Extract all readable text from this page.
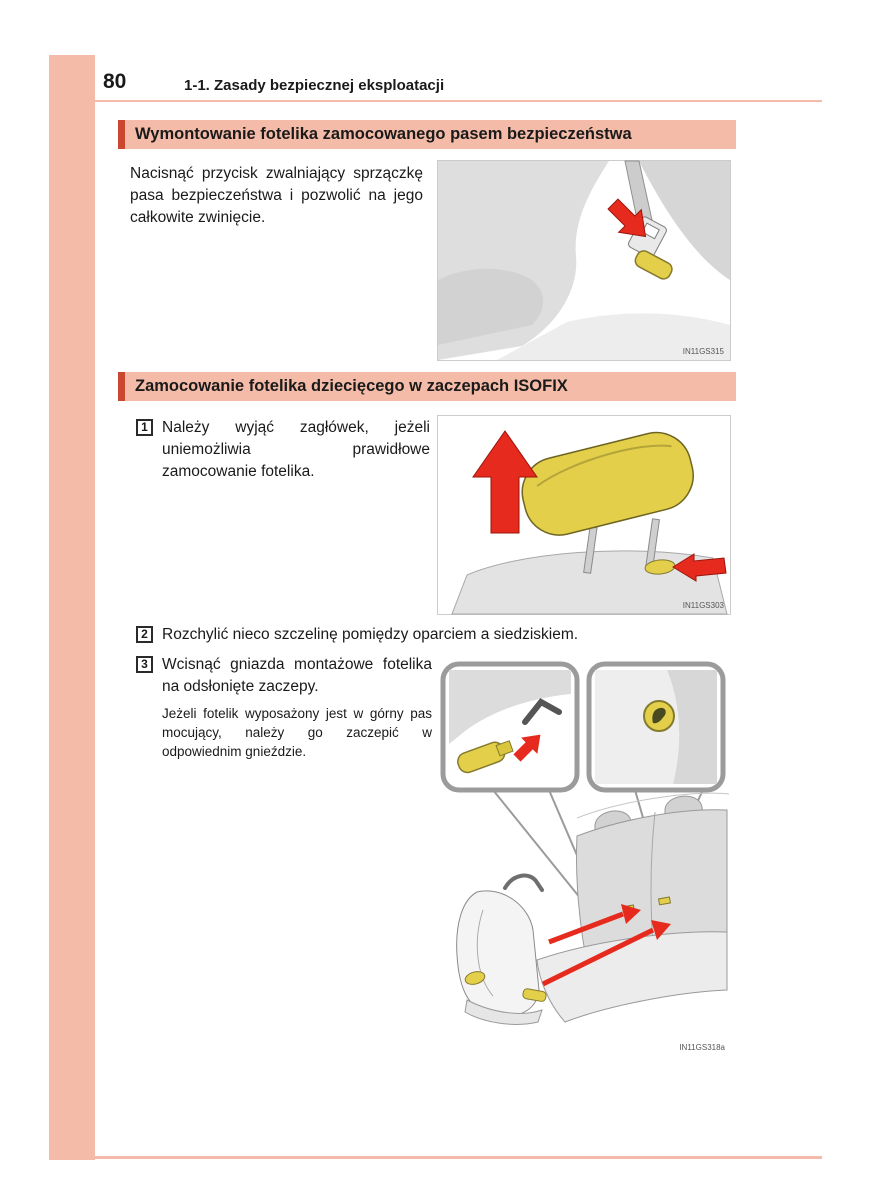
80	1-1. Zasady bezpiecznej eksploatacji
Wymontowanie fotelika zamocowanego pasem bezpieczeństwa

Nacisnąć przycisk zwalniający sprzączkę pasa bezpieczeństwa i pozwolić na jego całkowite zwinięcie.

IN11GS315
Zamocowanie fotelika dziecięcego w zaczepach ISOFIX
1 Należy wyjąć zagłówek, jeżeli uniemożliwia prawidłowe zamocowanie fotelika.
IN11GS303
2 Rozchylić nieco szczelinę pomiędzy oparciem a siedziskiem.
3 Wcisnąć gniazda montażowe fotelika na odsłonięte zaczepy.
Jeżeli fotelik wyposażony jest w górny pas mocujący, należy go zaczepić w odpowiednim gnieździe.
IN11GS318a
